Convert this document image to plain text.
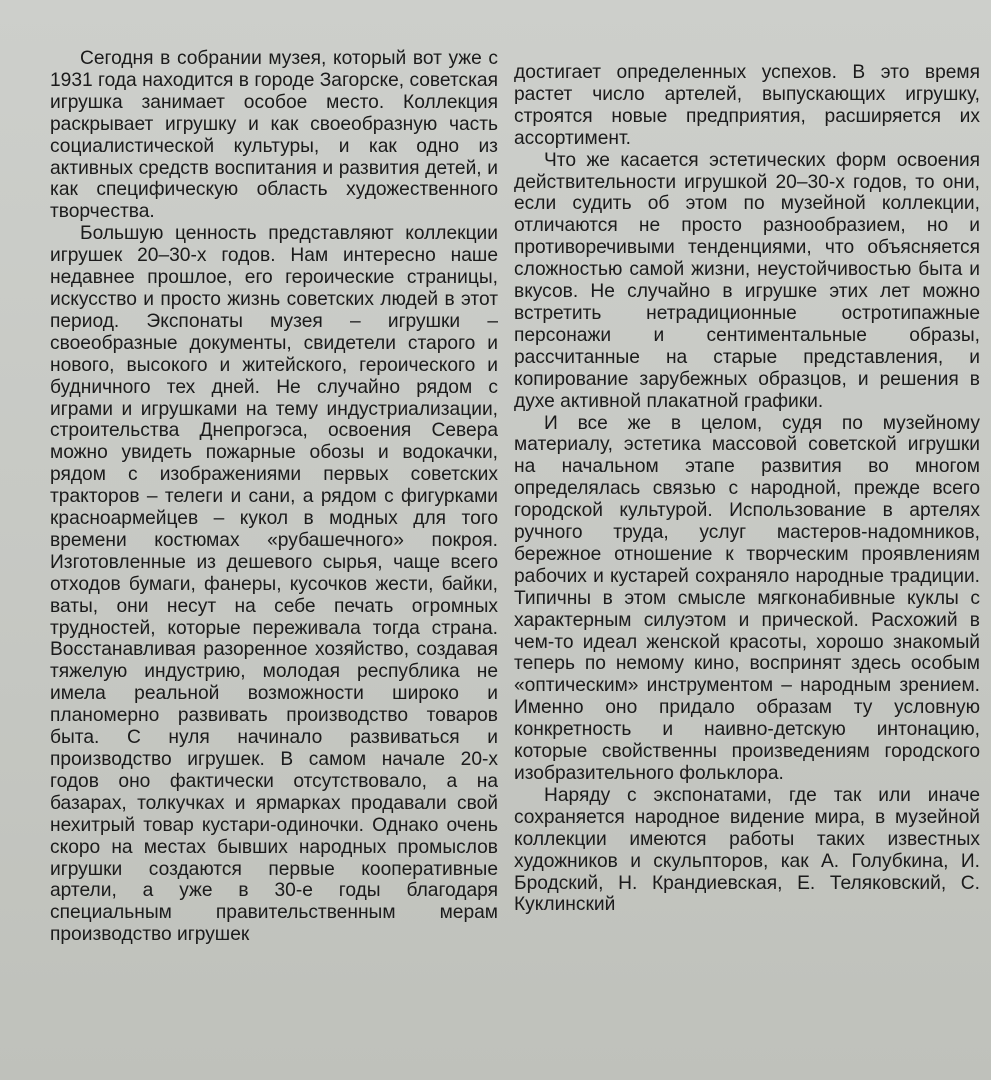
Сегодня в собрании музея, который вот уже с 1931 года находится в городе Загорске, советская игрушка занимает особое место. Коллекция раскрывает игрушку и как своеобразную часть социалистической культуры, и как одно из активных средств воспитания и развития детей, и как специфическую область художественного творчества.

Большую ценность представляют коллекции игрушек 20–30-х годов. Нам интересно наше недавнее прошлое, его героические страницы, искусство и просто жизнь советских людей в этот период. Экспонаты музея – игрушки – своеобразные документы, свидетели старого и нового, высокого и житейского, героического и будничного тех дней. Не случайно рядом с играми и игрушками на тему индустриализации, строительства Днепрогэса, освоения Севера можно увидеть пожарные обозы и водокачки, рядом с изображениями первых советских тракторов – телеги и сани, а рядом с фигурками красноармейцев – кукол в модных для того времени костюмах «рубашечного» покроя. Изготовленные из дешевого сырья, чаще всего отходов бумаги, фанеры, кусочков жести, байки, ваты, они несут на себе печать огромных трудностей, которые переживала тогда страна. Восстанавливая разоренное хозяйство, создавая тяжелую индустрию, молодая республика не имела реальной возможности широко и планомерно развивать производство товаров быта. С нуля начинало развиваться и производство игрушек. В самом начале 20-х годов оно фактически отсутствовало, а на базарах, толкучках и ярмарках продавали свой нехитрый товар кустари-одиночки. Однако очень скоро на местах бывших народных промыслов игрушки создаются первые кооперативные артели, а уже в 30-е годы благодаря специальным правительственным мерам производство игрушек

достигает определенных успехов. В это время растет число артелей, выпускающих игрушку, строятся новые предприятия, расширяется их ассортимент.

Что же касается эстетических форм освоения действительности игрушкой 20–30-х годов, то они, если судить об этом по музейной коллекции, отличаются не просто разнообразием, но и противоречивыми тенденциями, что объясняется сложностью самой жизни, неустойчивостью быта и вкусов. Не случайно в игрушке этих лет можно встретить нетрадиционные остротипажные персонажи и сентиментальные образы, рассчитанные на старые представления, и копирование зарубежных образцов, и решения в духе активной плакатной графики.

И все же в целом, судя по музейному материалу, эстетика массовой советской игрушки на начальном этапе развития во многом определялась связью с народной, прежде всего городской культурой. Использование в артелях ручного труда, услуг мастеров-надомников, бережное отношение к творческим проявлениям рабочих и кустарей сохраняло народные традиции. Типичны в этом смысле мягконабивные куклы с характерным силуэтом и прической. Расхожий в чем-то идеал женской красоты, хорошо знакомый теперь по немому кино, воспринят здесь особым «оптическим» инструментом – народным зрением. Именно оно придало образам ту условную конкретность и наивно-детскую интонацию, которые свойственны произведениям городского изобразительного фольклора.

Наряду с экспонатами, где так или иначе сохраняется народное видение мира, в музейной коллекции имеются работы таких известных художников и скульпторов, как А. Голубкина, И. Бродский, Н. Крандиевская, Е. Теляковский, С. Куклинский
